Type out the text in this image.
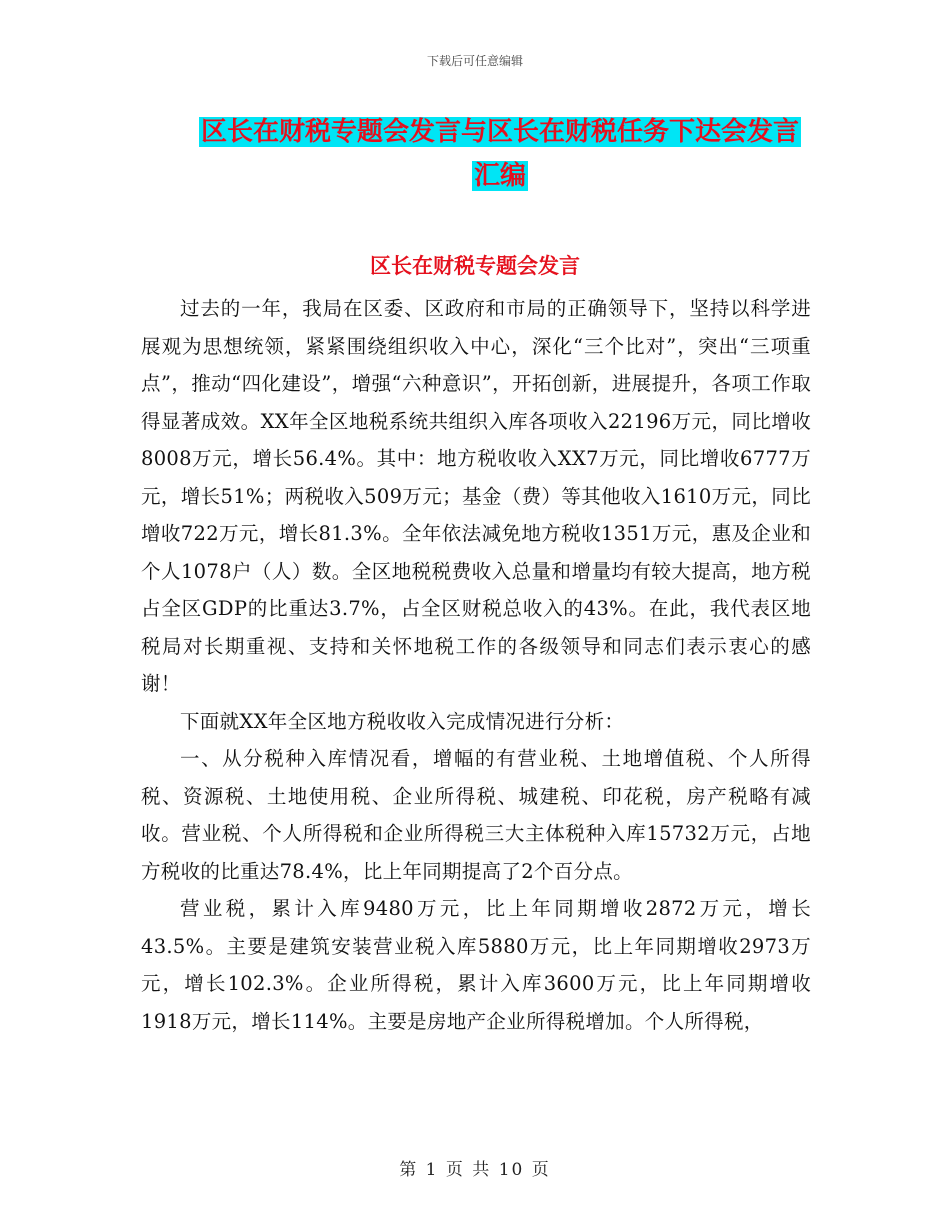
下载后可任意编辑
区长在财税专题会发言与区长在财税任务下达会发言
汇编
区长在财税专题会发言

过去的一年，我局在区委、区政府和市局的正确领导下，坚持以科学进展观为思想统领，紧紧围绕组织收入中心，深化“三个比对”，突出“三项重点”，推动“四化建设”，增强“六种意识”，开拓创新，进展提升，各项工作取得显著成效。XX年全区地税系统共组织入库各项收入22196万元，同比增收8008万元，增长56.4%。其中：地方税收收入XX7万元，同比增收6777万元，增长51%；两税收入509万元；基金（费）等其他收入1610万元，同比增收722万元，增长81.3%。全年依法减免地方税收1351万元，惠及企业和个人1078户（人）数。全区地税税费收入总量和增量均有较大提高，地方税占全区GDP的比重达3.7%，占全区财税总收入的43%。在此，我代表区地税局对长期重视、支持和关怀地税工作的各级领导和同志们表示衷心的感谢！

下面就XX年全区地方税收收入完成情况进行分析：

一、从分税种入库情况看，增幅的有营业税、土地增值税、个人所得税、资源税、土地使用税、企业所得税、城建税、印花税，房产税略有减收。营业税、个人所得税和企业所得税三大主体税种入库15732万元，占地方税收的比重达78.4%，比上年同期提高了2个百分点。

营业税，累计入库9480万元，比上年同期增收2872万元，增长43.5%。主要是建筑安装营业税入库5880万元，比上年同期增收2973万元，增长102.3%。企业所得税，累计入库3600万元，比上年同期增收1918万元，增长114%。主要是房地产企业所得税增加。个人所得税，

第 1 页 共 10 页
